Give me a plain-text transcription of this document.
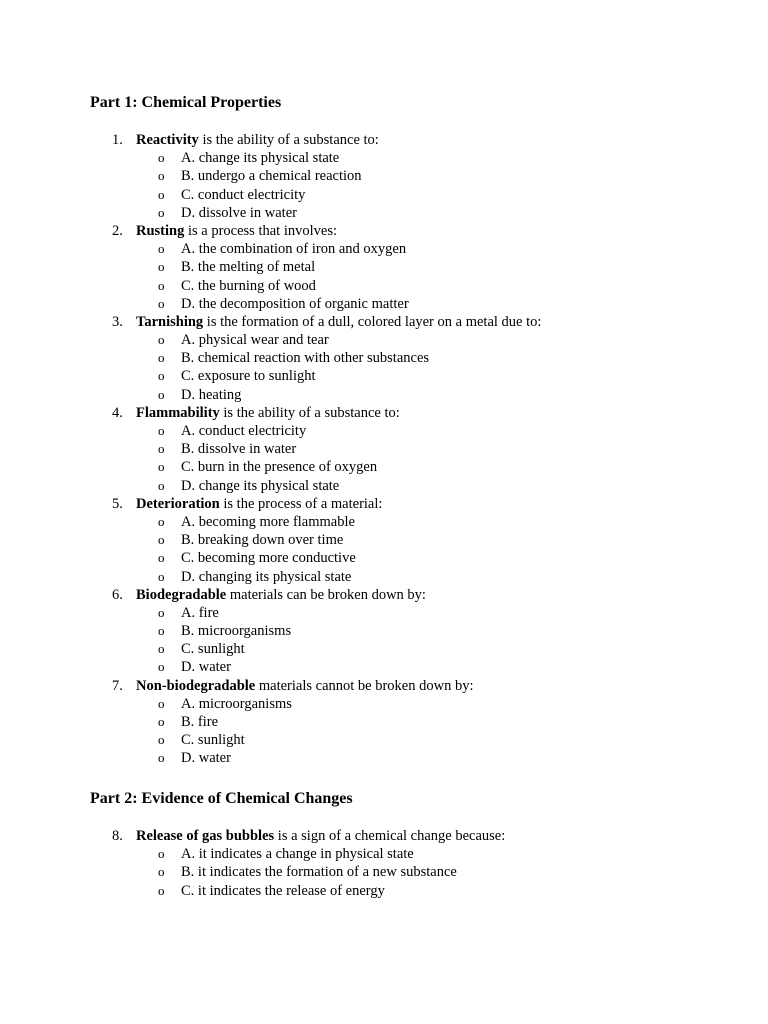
Part 1: Chemical Properties
1. Reactivity is the ability of a substance to:
o A. change its physical state
o B. undergo a chemical reaction
o C. conduct electricity
o D. dissolve in water
2. Rusting is a process that involves:
o A. the combination of iron and oxygen
o B. the melting of metal
o C. the burning of wood
o D. the decomposition of organic matter
3. Tarnishing is the formation of a dull, colored layer on a metal due to:
o A. physical wear and tear
o B. chemical reaction with other substances
o C. exposure to sunlight
o D. heating
4. Flammability is the ability of a substance to:
o A. conduct electricity
o B. dissolve in water
o C. burn in the presence of oxygen
o D. change its physical state
5. Deterioration is the process of a material:
o A. becoming more flammable
o B. breaking down over time
o C. becoming more conductive
o D. changing its physical state
6. Biodegradable materials can be broken down by:
o A. fire
o B. microorganisms
o C. sunlight
o D. water
7. Non-biodegradable materials cannot be broken down by:
o A. microorganisms
o B. fire
o C. sunlight
o D. water
Part 2: Evidence of Chemical Changes
8. Release of gas bubbles is a sign of a chemical change because:
o A. it indicates a change in physical state
o B. it indicates the formation of a new substance
o C. it indicates the release of energy
